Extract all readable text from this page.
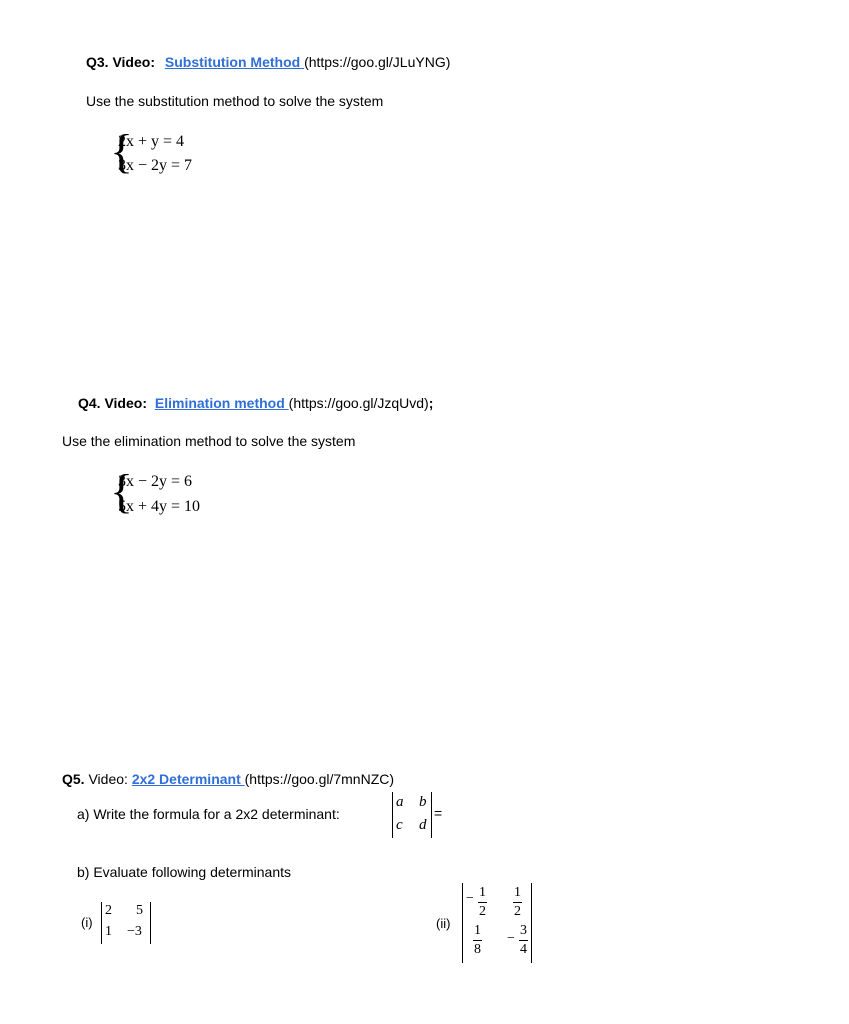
Q3. Video: Substitution Method (https://goo.gl/JLuYNG)
Use the substitution method to solve the system
{
2x + y = 4
3x − 2y = 7
Q4. Video: Elimination method (https://goo.gl/JzqUvd);
Use the elimination method to solve the system
{
3x − 2y = 6
5x + 4y = 10
Q5. Video: 2x2 Determinant (https://goo.gl/7mnNZC)
a) Write the formula for a 2x2 determinant:
a b
c d
=
b) Evaluate following determinants
(i)
2 5
1 −3
(ii)
− 1
2
1
2
1
8
−
3
4
